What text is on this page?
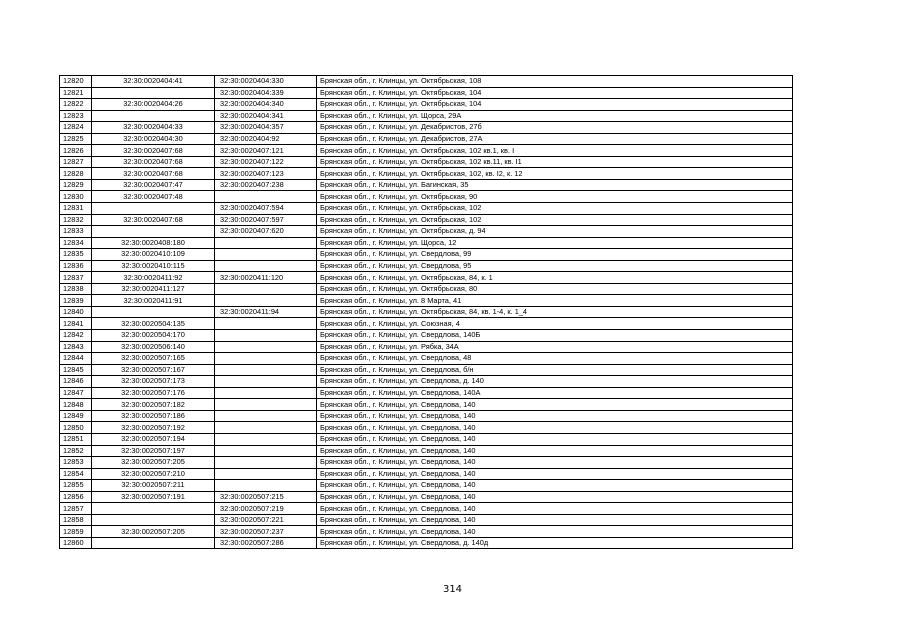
12820	32:30:0020404:41	32:30:0020404:330	Брянская обл., г. Клинцы, ул. Октябрьская, 108
12821		32:30:0020404:339	Брянская обл., г. Клинцы, ул. Октябрьская, 104
12822	32:30:0020404:26	32:30:0020404:340	Брянская обл., г. Клинцы, ул. Октябрьская, 104
12823		32:30:0020404:341	Брянская обл., г. Клинцы, ул. Щорса, 29А
12824	32:30:0020404:33	32:30:0020404:357	Брянская обл., г. Клинцы, ул. Декабристов, 27б
12825	32:30:0020404:30	32:30:0020404:92	Брянская обл., г. Клинцы, ул. Декабристов, 27А
12826	32:30:0020407:68	32:30:0020407:121	Брянская обл., г. Клинцы, ул. Октябрьская, 102 кв.1, кв. I
12827	32:30:0020407:68	32:30:0020407:122	Брянская обл., г. Клинцы, ул. Октябрьская, 102 кв.11, кв. I1
12828	32:30:0020407:68	32:30:0020407:123	Брянская обл., г. Клинцы, ул. Октябрьская, 102, кв. I2, к. 12
12829	32:30:0020407:47	32:30:0020407:238	Брянская обл., г. Клинцы, ул. Багинская, 35
12830	32:30:0020407:48		Брянская обл., г. Клинцы, ул. Октябрьская, 90
12831		32:30:0020407:594	Брянская обл., г. Клинцы, ул. Октябрьская, 102
12832	32:30:0020407:68	32:30:0020407:597	Брянская обл., г. Клинцы, ул. Октябрьская, 102
12833		32:30:0020407:620	Брянская обл., г. Клинцы, ул. Октябрьская, д. 94
12834	32:30:0020408:180		Брянская обл., г. Клинцы, ул. Щорса, 12
12835	32:30:0020410:109		Брянская обл., г. Клинцы, ул. Свердлова, 99
12836	32:30:0020410:115		Брянская обл., г. Клинцы, ул. Свердлова, 95
12837	32:30:0020411:92	32:30:0020411:120	Брянская обл., г. Клинцы, ул. Октябрьская, 84, к. 1
12838	32:30:0020411:127		Брянская обл., г. Клинцы, ул. Октябрьская, 80
12839	32:30:0020411:91		Брянская обл., г. Клинцы, ул. 8 Марта, 41
12840		32:30:0020411:94	Брянская обл., г. Клинцы, ул. Октябрьская, 84, кв. 1-4, к. 1_4
12841	32:30:0020504:135		Брянская обл., г. Клинцы, ул. Союзная, 4
12842	32:30:0020504:170		Брянская обл., г. Клинцы, ул. Свердлова, 140Б
12843	32:30:0020506:140		Брянская обл., г. Клинцы, ул. Рябка, 34А
12844	32:30:0020507:165		Брянская обл., г. Клинцы, ул. Свердлова, 48
12845	32:30:0020507:167		Брянская обл., г. Клинцы, ул. Свердлова, б/н
12846	32:30:0020507:173		Брянская обл., г. Клинцы, ул. Свердлова, д. 140
12847	32:30:0020507:176		Брянская обл., г. Клинцы, ул. Свердлова, 140А
12848	32:30:0020507:182		Брянская обл., г. Клинцы, ул. Свердлова, 140
12849	32:30:0020507:186		Брянская обл., г. Клинцы, ул. Свердлова, 140
12850	32:30:0020507:192		Брянская обл., г. Клинцы, ул. Свердлова, 140
12851	32:30:0020507:194		Брянская обл., г. Клинцы, ул. Свердлова, 140
12852	32:30:0020507:197		Брянская обл., г. Клинцы, ул. Свердлова, 140
12853	32:30:0020507:205		Брянская обл., г. Клинцы, ул. Свердлова, 140
12854	32:30:0020507:210		Брянская обл., г. Клинцы, ул. Свердлова, 140
12855	32:30:0020507:211		Брянская обл., г. Клинцы, ул. Свердлова, 140
12856	32:30:0020507:191	32:30:0020507:215	Брянская обл., г. Клинцы, ул. Свердлова, 140
12857		32:30:0020507:219	Брянская обл., г. Клинцы, ул. Свердлова, 140
12858		32:30:0020507:221	Брянская обл., г. Клинцы, ул. Свердлова, 140
12859	32:30:0020507:205	32:30:0020507:237	Брянская обл., г. Клинцы, ул. Свердлова, 140
12860		32:30:0020507:286	Брянская обл., г. Клинцы, ул. Свердлова, д. 140д
314
